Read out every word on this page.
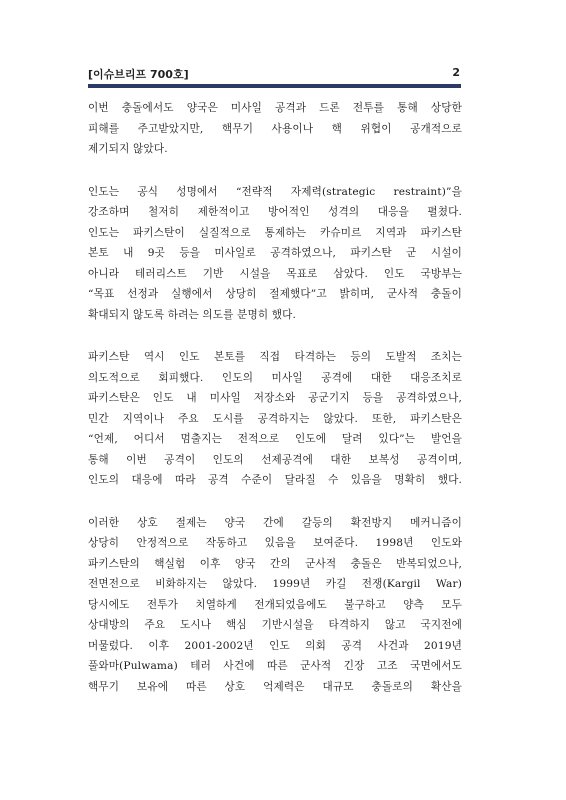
[이슈브리프 700호]	2

이번 충돌에서도 양국은 미사일 공격과 드론 전투를 통해 상당한
피해를 주고받았지만, 핵무기 사용이나 핵 위협이 공개적으로
제기되지 않았다.

인도는 공식 성명에서 “전략적 자제력(strategic restraint)”을
강조하며 철저히 제한적이고 방어적인 성격의 대응을 펼쳤다.
인도는 파키스탄이 실질적으로 통제하는 카슈미르 지역과 파키스탄
본토 내 9곳 등을 미사일로 공격하였으나, 파키스탄 군 시설이
아니라 테러리스트 기반 시설을 목표로 삼았다. 인도 국방부는
“목표 선정과 실행에서 상당히 절제했다”고 밝히며, 군사적 충돌이
확대되지 않도록 하려는 의도를 분명히 했다.

파키스탄 역시 인도 본토를 직접 타격하는 등의 도발적 조치는
의도적으로 회피했다. 인도의 미사일 공격에 대한 대응조치로
파키스탄은 인도 내 미사일 저장소와 공군기지 등을 공격하였으나,
민간 지역이나 주요 도시를 공격하지는 않았다. 또한, 파키스탄은
“언제, 어디서 멈출지는 전적으로 인도에 달려 있다”는 발언을
통해 이번 공격이 인도의 선제공격에 대한 보복성 공격이며,
인도의 대응에 따라 공격 수준이 달라질 수 있음을 명확히 했다.

이러한 상호 절제는 양국 간에 갈등의 확전방지 메커니즘이
상당히 안정적으로 작동하고 있음을 보여준다. 1998년 인도와
파키스탄의 핵실험 이후 양국 간의 군사적 충돌은 반복되었으나,
전면전으로 비화하지는 않았다. 1999년 카길 전쟁(Kargil War)
당시에도 전투가 치열하게 전개되었음에도 불구하고 양측 모두
상대방의 주요 도시나 핵심 기반시설을 타격하지 않고 국지전에
머물렀다. 이후 2001-2002년 인도 의회 공격 사건과 2019년
풀와마(Pulwama) 테러 사건에 따른 군사적 긴장 고조 국면에서도
핵무기 보유에 따른 상호 억제력은 대규모 충돌로의 확산을
